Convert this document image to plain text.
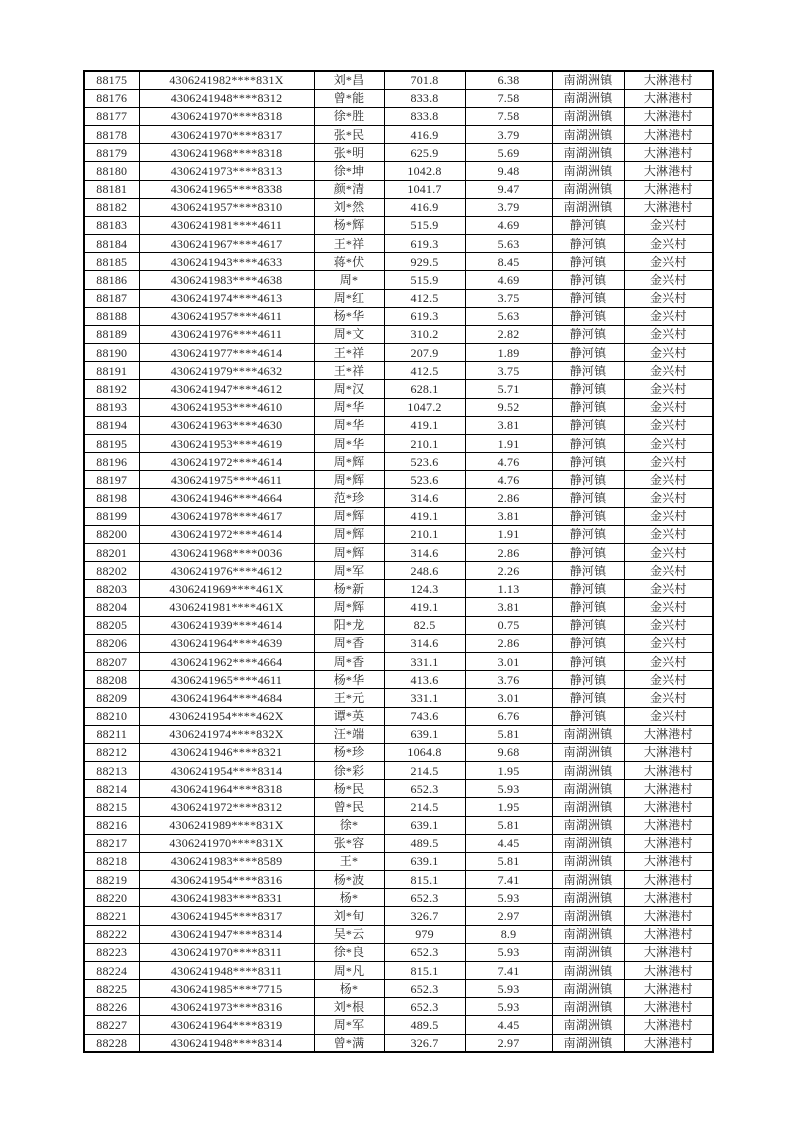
88175	4306241982****831X	刘*昌	701.8	6.38	南湖洲镇	大淋港村
88176	4306241948****8312	曾*能	833.8	7.58	南湖洲镇	大淋港村
88177	4306241970****8318	徐*胜	833.8	7.58	南湖洲镇	大淋港村
88178	4306241970****8317	张*民	416.9	3.79	南湖洲镇	大淋港村
88179	4306241968****8318	张*明	625.9	5.69	南湖洲镇	大淋港村
88180	4306241973****8313	徐*坤	1042.8	9.48	南湖洲镇	大淋港村
88181	4306241965****8338	颜*清	1041.7	9.47	南湖洲镇	大淋港村
88182	4306241957****8310	刘*然	416.9	3.79	南湖洲镇	大淋港村
88183	4306241981****4611	杨*辉	515.9	4.69	静河镇	金兴村
88184	4306241967****4617	王*祥	619.3	5.63	静河镇	金兴村
88185	4306241943****4633	蒋*伏	929.5	8.45	静河镇	金兴村
88186	4306241983****4638	周*	515.9	4.69	静河镇	金兴村
88187	4306241974****4613	周*红	412.5	3.75	静河镇	金兴村
88188	4306241957****4611	杨*华	619.3	5.63	静河镇	金兴村
88189	4306241976****4611	周*文	310.2	2.82	静河镇	金兴村
88190	4306241977****4614	王*祥	207.9	1.89	静河镇	金兴村
88191	4306241979****4632	王*祥	412.5	3.75	静河镇	金兴村
88192	4306241947****4612	周*汉	628.1	5.71	静河镇	金兴村
88193	4306241953****4610	周*华	1047.2	9.52	静河镇	金兴村
88194	4306241963****4630	周*华	419.1	3.81	静河镇	金兴村
88195	4306241953****4619	周*华	210.1	1.91	静河镇	金兴村
88196	4306241972****4614	周*辉	523.6	4.76	静河镇	金兴村
88197	4306241975****4611	周*辉	523.6	4.76	静河镇	金兴村
88198	4306241946****4664	范*珍	314.6	2.86	静河镇	金兴村
88199	4306241978****4617	周*辉	419.1	3.81	静河镇	金兴村
88200	4306241972****4614	周*辉	210.1	1.91	静河镇	金兴村
88201	4306241968****0036	周*辉	314.6	2.86	静河镇	金兴村
88202	4306241976****4612	周*军	248.6	2.26	静河镇	金兴村
88203	4306241969****461X	杨*新	124.3	1.13	静河镇	金兴村
88204	4306241981****461X	周*辉	419.1	3.81	静河镇	金兴村
88205	4306241939****4614	阳*龙	82.5	0.75	静河镇	金兴村
88206	4306241964****4639	周*香	314.6	2.86	静河镇	金兴村
88207	4306241962****4664	周*香	331.1	3.01	静河镇	金兴村
88208	4306241965****4611	杨*华	413.6	3.76	静河镇	金兴村
88209	4306241964****4684	王*元	331.1	3.01	静河镇	金兴村
88210	4306241954****462X	谭*英	743.6	6.76	静河镇	金兴村
88211	4306241974****832X	汪*端	639.1	5.81	南湖洲镇	大淋港村
88212	4306241946****8321	杨*珍	1064.8	9.68	南湖洲镇	大淋港村
88213	4306241954****8314	徐*彩	214.5	1.95	南湖洲镇	大淋港村
88214	4306241964****8318	杨*民	652.3	5.93	南湖洲镇	大淋港村
88215	4306241972****8312	曾*民	214.5	1.95	南湖洲镇	大淋港村
88216	4306241989****831X	徐*	639.1	5.81	南湖洲镇	大淋港村
88217	4306241970****831X	张*容	489.5	4.45	南湖洲镇	大淋港村
88218	4306241983****8589	王*	639.1	5.81	南湖洲镇	大淋港村
88219	4306241954****8316	杨*波	815.1	7.41	南湖洲镇	大淋港村
88220	4306241983****8331	杨*	652.3	5.93	南湖洲镇	大淋港村
88221	4306241945****8317	刘*旬	326.7	2.97	南湖洲镇	大淋港村
88222	4306241947****8314	吴*云	979	8.9	南湖洲镇	大淋港村
88223	4306241970****8311	徐*良	652.3	5.93	南湖洲镇	大淋港村
88224	4306241948****8311	周*凡	815.1	7.41	南湖洲镇	大淋港村
88225	4306241985****7715	杨*	652.3	5.93	南湖洲镇	大淋港村
88226	4306241973****8316	刘*根	652.3	5.93	南湖洲镇	大淋港村
88227	4306241964****8319	周*军	489.5	4.45	南湖洲镇	大淋港村
88228	4306241948****8314	曾*满	326.7	2.97	南湖洲镇	大淋港村
